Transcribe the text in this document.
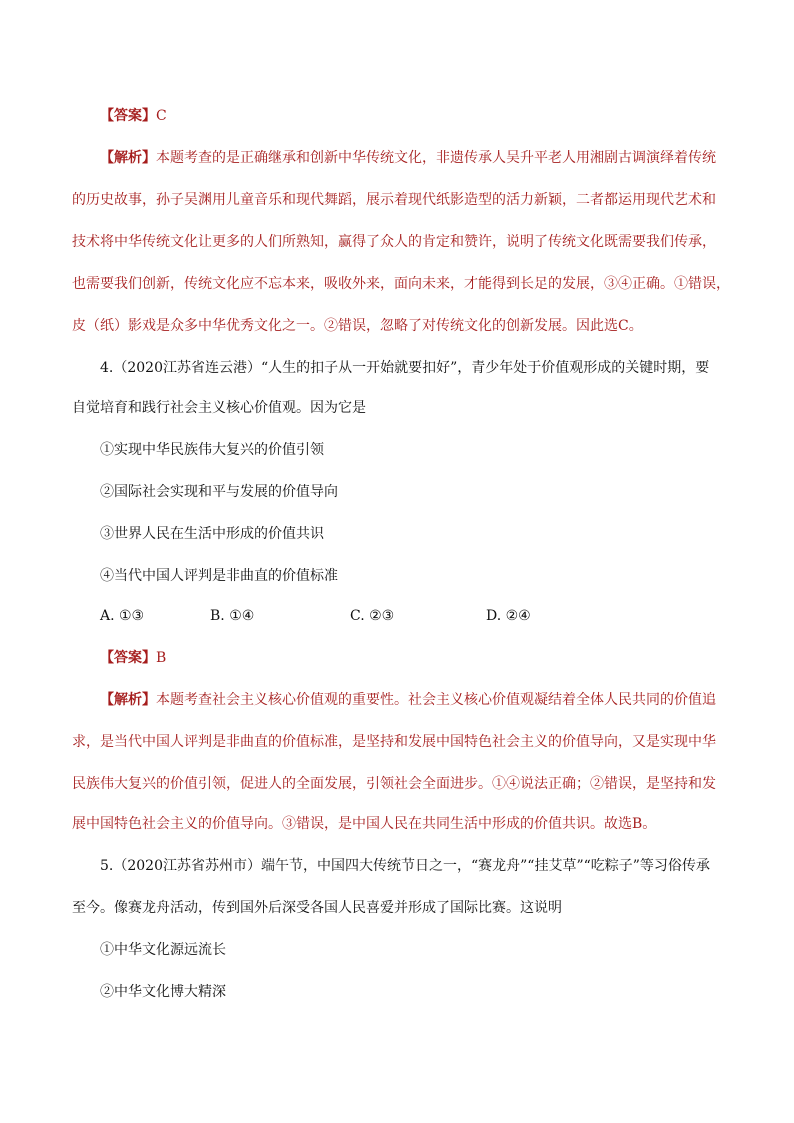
【答案】C
【解析】本题考查的是正确继承和创新中华传统文化，非遗传承人吴升平老人用湘剧古调演绎着传统
的历史故事，孙子吴渊用儿童音乐和现代舞蹈，展示着现代纸影造型的活力新颖，二者都运用现代艺术和
技术将中华传统文化让更多的人们所熟知，赢得了众人的肯定和赞许，说明了传统文化既需要我们传承，
也需要我们创新，传统文化应不忘本来，吸收外来，面向未来，才能得到长足的发展，③④正确。①错误，
皮（纸）影戏是众多中华优秀文化之一。②错误，忽略了对传统文化的创新发展。因此选C。
4.（2020江苏省连云港）“人生的扣子从一开始就要扣好”，青少年处于价值观形成的关键时期，要
自觉培育和践行社会主义核心价值观。因为它是
①实现中华民族伟大复兴的价值引领
②国际社会实现和平与发展的价值导向
③世界人民在生活中形成的价值共识
④当代中国人评判是非曲直的价值标准
A. ①③	B. ①④	C. ②③	D. ②④
【答案】B
【解析】本题考查社会主义核心价值观的重要性。社会主义核心价值观凝结着全体人民共同的价值追
求，是当代中国人评判是非曲直的价值标准，是坚持和发展中国特色社会主义的价值导向，又是实现中华
民族伟大复兴的价值引领，促进人的全面发展，引领社会全面进步。①④说法正确；②错误，是坚持和发
展中国特色社会主义的价值导向。③错误，是中国人民在共同生活中形成的价值共识。故选B。
5.（2020江苏省苏州市）端午节，中国四大传统节日之一，“赛龙舟”“挂艾草”“吃粽子”等习俗传承
至今。像赛龙舟活动，传到国外后深受各国人民喜爱并形成了国际比赛。这说明
①中华文化源远流长
②中华文化博大精深
